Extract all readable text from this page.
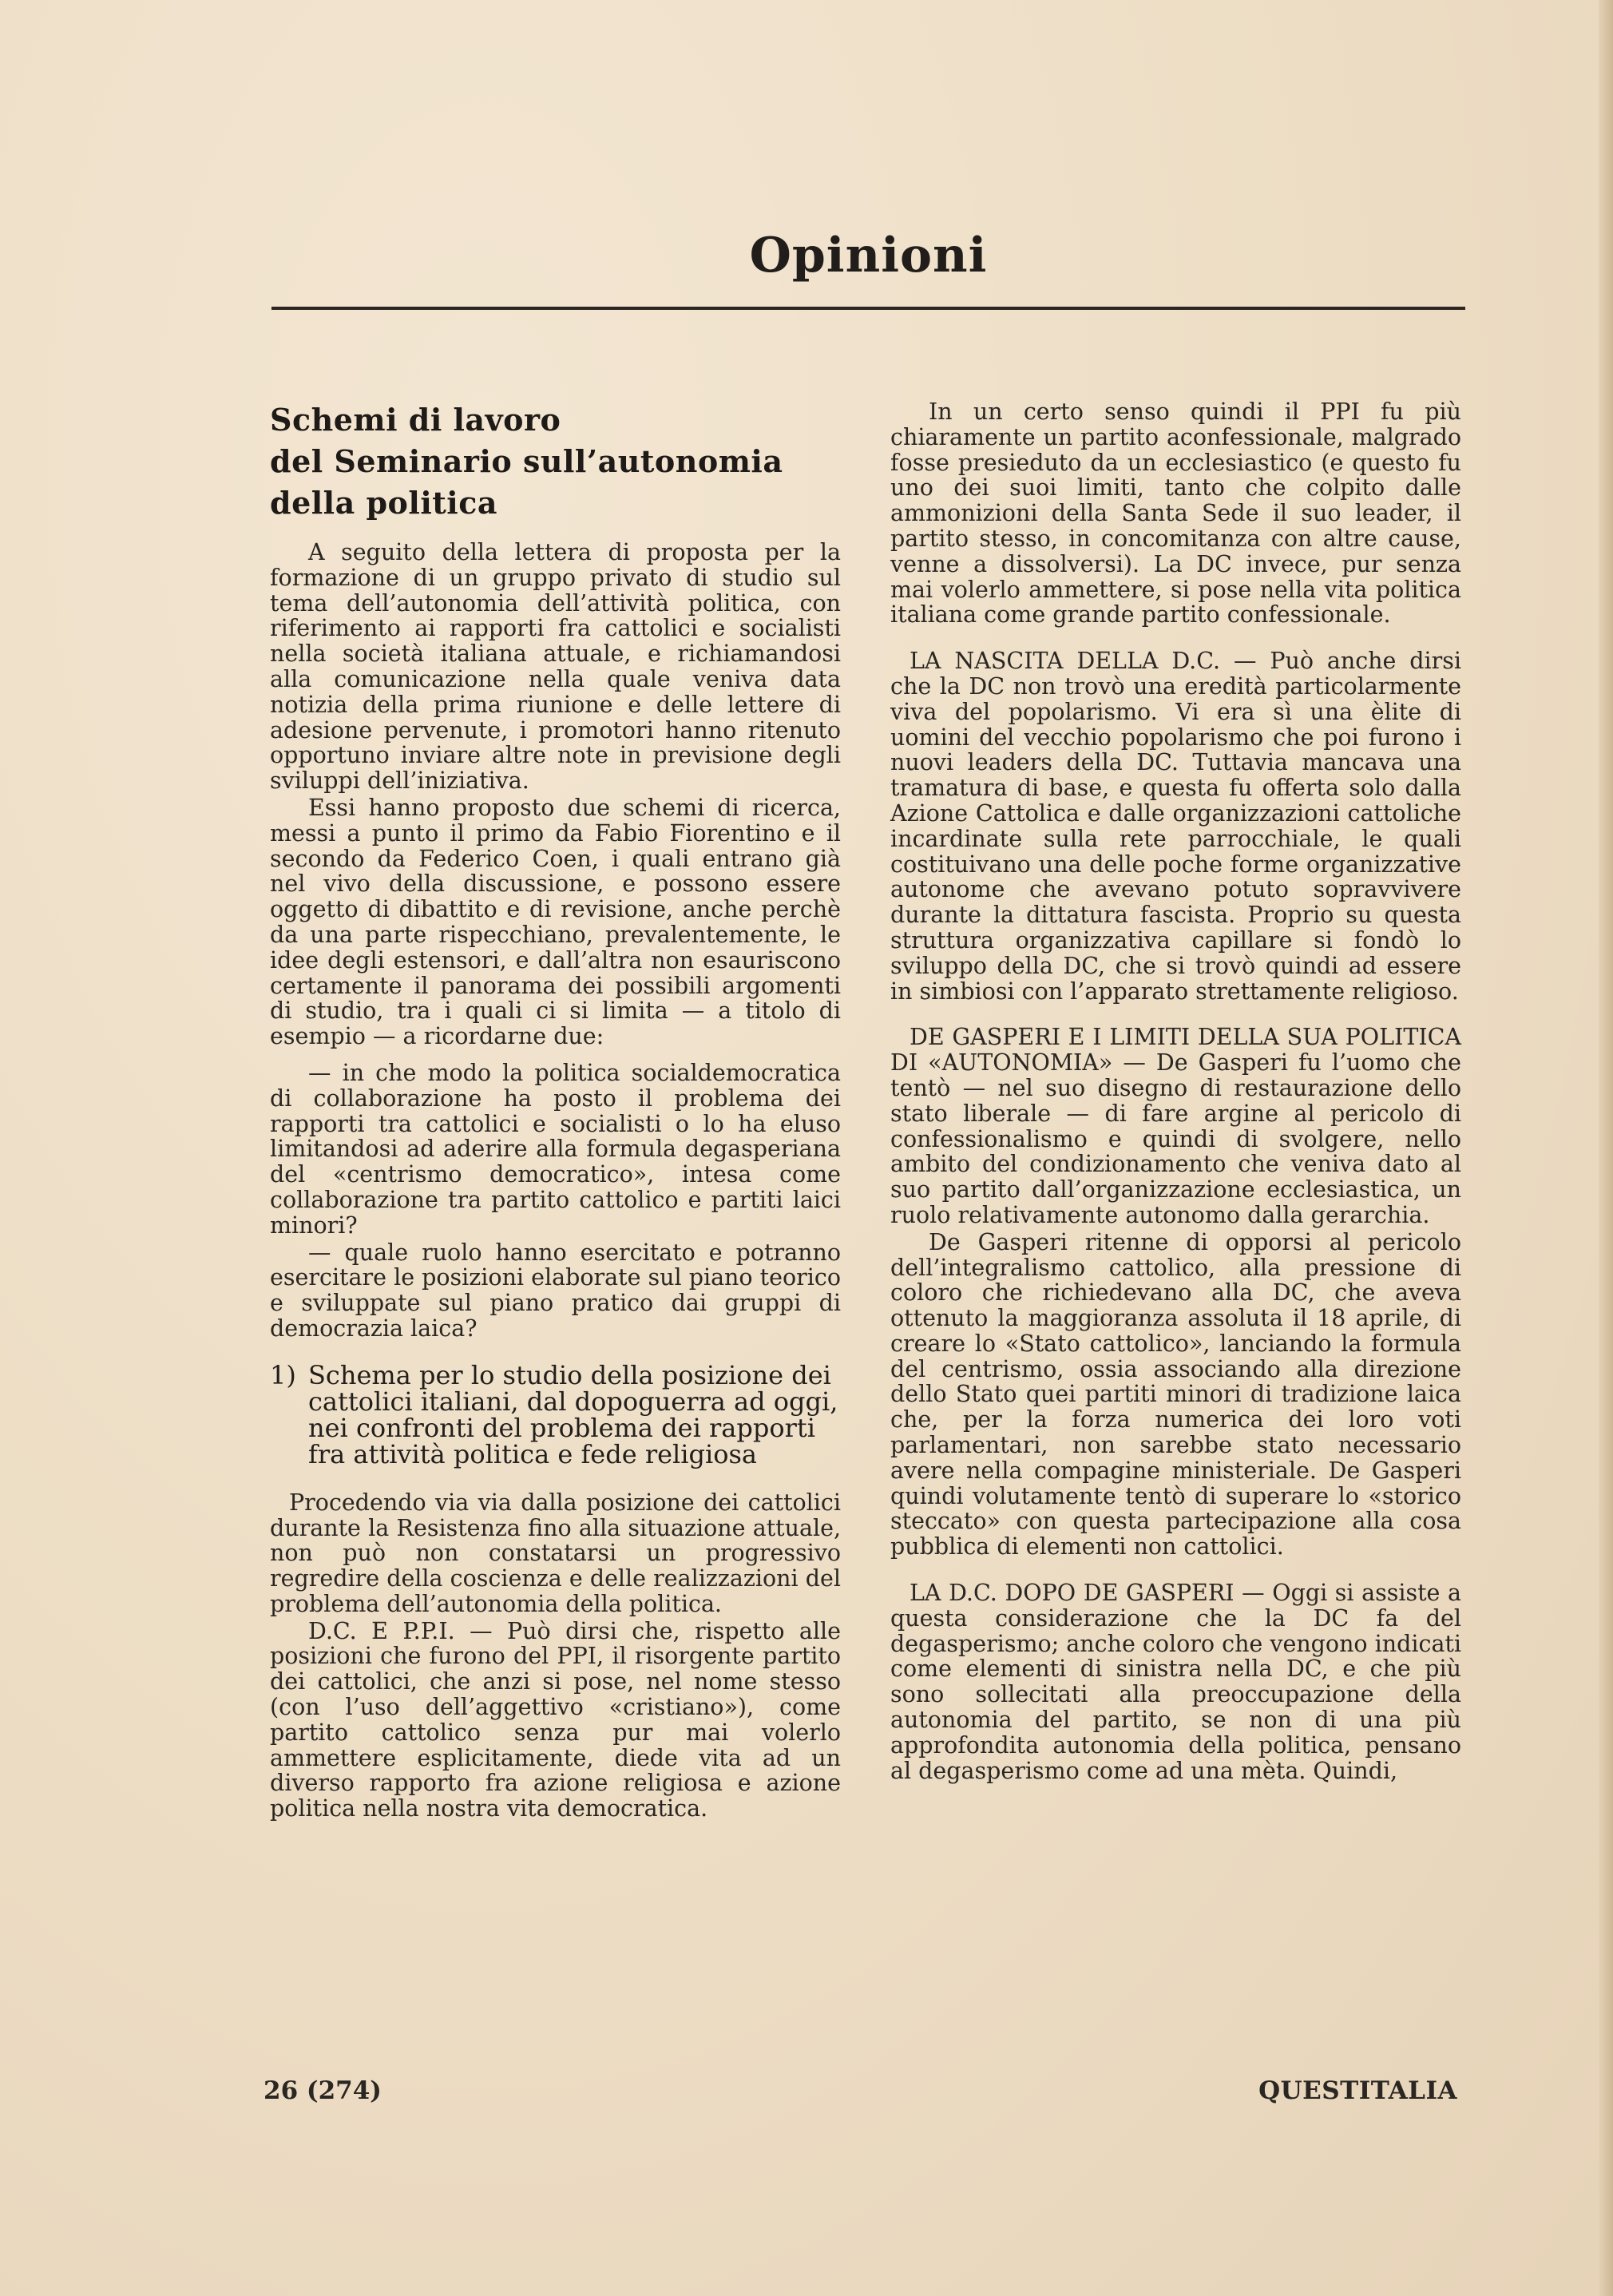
Opinioni
Schemi di lavoro
del Seminario sull’autonomia
della politica

A seguito della lettera di proposta per la formazione di un gruppo privato di studio sul tema dell’autonomia dell’attività politica, con riferimento ai rapporti fra cattolici e socialisti nella società italiana attuale, e richiamandosi alla comunicazione nella quale veniva data notizia della prima riunione e delle lettere di adesione pervenute, i promotori hanno ritenuto opportuno inviare altre note in previsione degli sviluppi dell’iniziativa.

Essi hanno proposto due schemi di ricerca, messi a punto il primo da Fabio Fiorentino e il secondo da Federico Coen, i quali entrano già nel vivo della discussione, e possono essere oggetto di dibattito e di revisione, anche perchè da una parte rispecchiano, prevalentemente, le idee degli estensori, e dall’altra non esauriscono certamente il panorama dei possibili argomenti di studio, tra i quali ci si limita — a titolo di esempio — a ricordarne due:

— in che modo la politica socialdemocratica di collaborazione ha posto il problema dei rapporti tra cattolici e socialisti o lo ha eluso limitandosi ad aderire alla formula degasperiana del «centrismo democratico», intesa come collaborazione tra partito cattolico e partiti laici minori?

— quale ruolo hanno esercitato e potranno esercitare le posizioni elaborate sul piano teorico e sviluppate sul piano pratico dai gruppi di democrazia laica?

1) Schema per lo studio della posizione dei cattolici italiani, dal dopoguerra ad oggi, nei confronti del problema dei rapporti fra attività politica e fede religiosa

Procedendo via via dalla posizione dei cattolici durante la Resistenza fino alla situazione attuale, non può non constatarsi un progressivo regredire della coscienza e delle realizzazioni del problema dell’autonomia della politica.

D.C. E P.P.I. — Può dirsi che, rispetto alle posizioni che furono del PPI, il risorgente partito dei cattolici, che anzi si pose, nel nome stesso (con l’uso dell’aggettivo «cristiano»), come partito cattolico senza pur mai volerlo ammettere esplicitamente, diede vita ad un diverso rapporto fra azione religiosa e azione politica nella nostra vita democratica.

In un certo senso quindi il PPI fu più chiaramente un partito aconfessionale, malgrado fosse presieduto da un ecclesiastico (e questo fu uno dei suoi limiti, tanto che colpito dalle ammonizioni della Santa Sede il suo leader, il partito stesso, in concomitanza con altre cause, venne a dissolversi). La DC invece, pur senza mai volerlo ammettere, si pose nella vita politica italiana come grande partito confessionale.

LA NASCITA DELLA D.C. — Può anche dirsi che la DC non trovò una eredità particolarmente viva del popolarismo. Vi era sì una èlite di uomini del vecchio popolarismo che poi furono i nuovi leaders della DC. Tuttavia mancava una tramatura di base, e questa fu offerta solo dalla Azione Cattolica e dalle organizzazioni cattoliche incardinate sulla rete parrocchiale, le quali costituivano una delle poche forme organizzative autonome che avevano potuto sopravvivere durante la dittatura fascista. Proprio su questa struttura organizzativa capillare si fondò lo sviluppo della DC, che si trovò quindi ad essere in simbiosi con l’apparato strettamente religioso.

DE GASPERI E I LIMITI DELLA SUA POLITICA DI «AUTONOMIA» — De Gasperi fu l’uomo che tentò — nel suo disegno di restaurazione dello stato liberale — di fare argine al pericolo di confessionalismo e quindi di svolgere, nello ambito del condizionamento che veniva dato al suo partito dall’organizzazione ecclesiastica, un ruolo relativamente autonomo dalla gerarchia.

De Gasperi ritenne di opporsi al pericolo dell’integralismo cattolico, alla pressione di coloro che richiedevano alla DC, che aveva ottenuto la maggioranza assoluta il 18 aprile, di creare lo «Stato cattolico», lanciando la formula del centrismo, ossia associando alla direzione dello Stato quei partiti minori di tradizione laica che, per la forza numerica dei loro voti parlamentari, non sarebbe stato necessario avere nella compagine ministeriale. De Gasperi quindi volutamente tentò di superare lo «storico steccato» con questa partecipazione alla cosa pubblica di elementi non cattolici.

LA D.C. DOPO DE GASPERI — Oggi si assiste a questa considerazione che la DC fa del degasperismo; anche coloro che vengono indicati come elementi di sinistra nella DC, e che più sono sollecitati alla preoccupazione della autonomia del partito, se non di una più approfondita autonomia della politica, pensano al degasperismo come ad una mèta. Quindi,

26 (274)	QUESTITALIA
